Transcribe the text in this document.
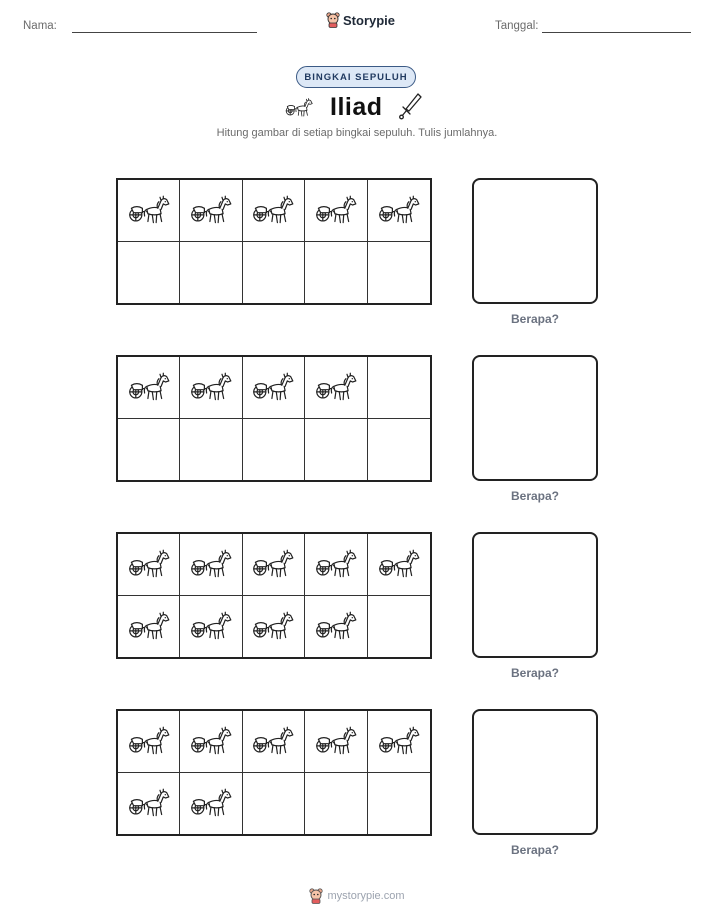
Nama:	Storypie	Tanggal:
BINGKAI SEPULUH
Iliad
Hitung gambar di setiap bingkai sepuluh. Tulis jumlahnya.
Berapa?
Berapa?
Berapa?
Berapa?
mystorypie.com
